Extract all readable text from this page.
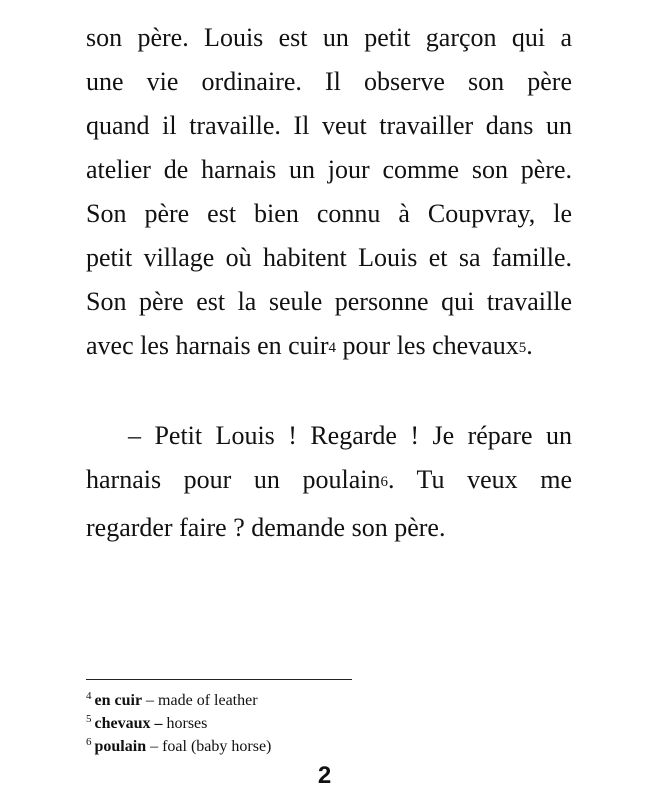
son père. Louis est un petit garçon qui a
une vie ordinaire. Il observe son père
quand il travaille. Il veut travailler dans un
atelier de harnais un jour comme son père.
Son père est bien connu à Coupvray, le
petit village où habitent Louis et sa famille.
Son père est la seule personne qui travaille
avec les harnais en cuir4 pour les chevaux5.

– Petit Louis ! Regarde ! Je répare un
harnais pour un poulain6. Tu veux me
regarder faire ? demande son père.

$^4$ en cuir – made of leather
$^5$ chevaux – horses
$^6$ poulain – foal (baby horse)
2
